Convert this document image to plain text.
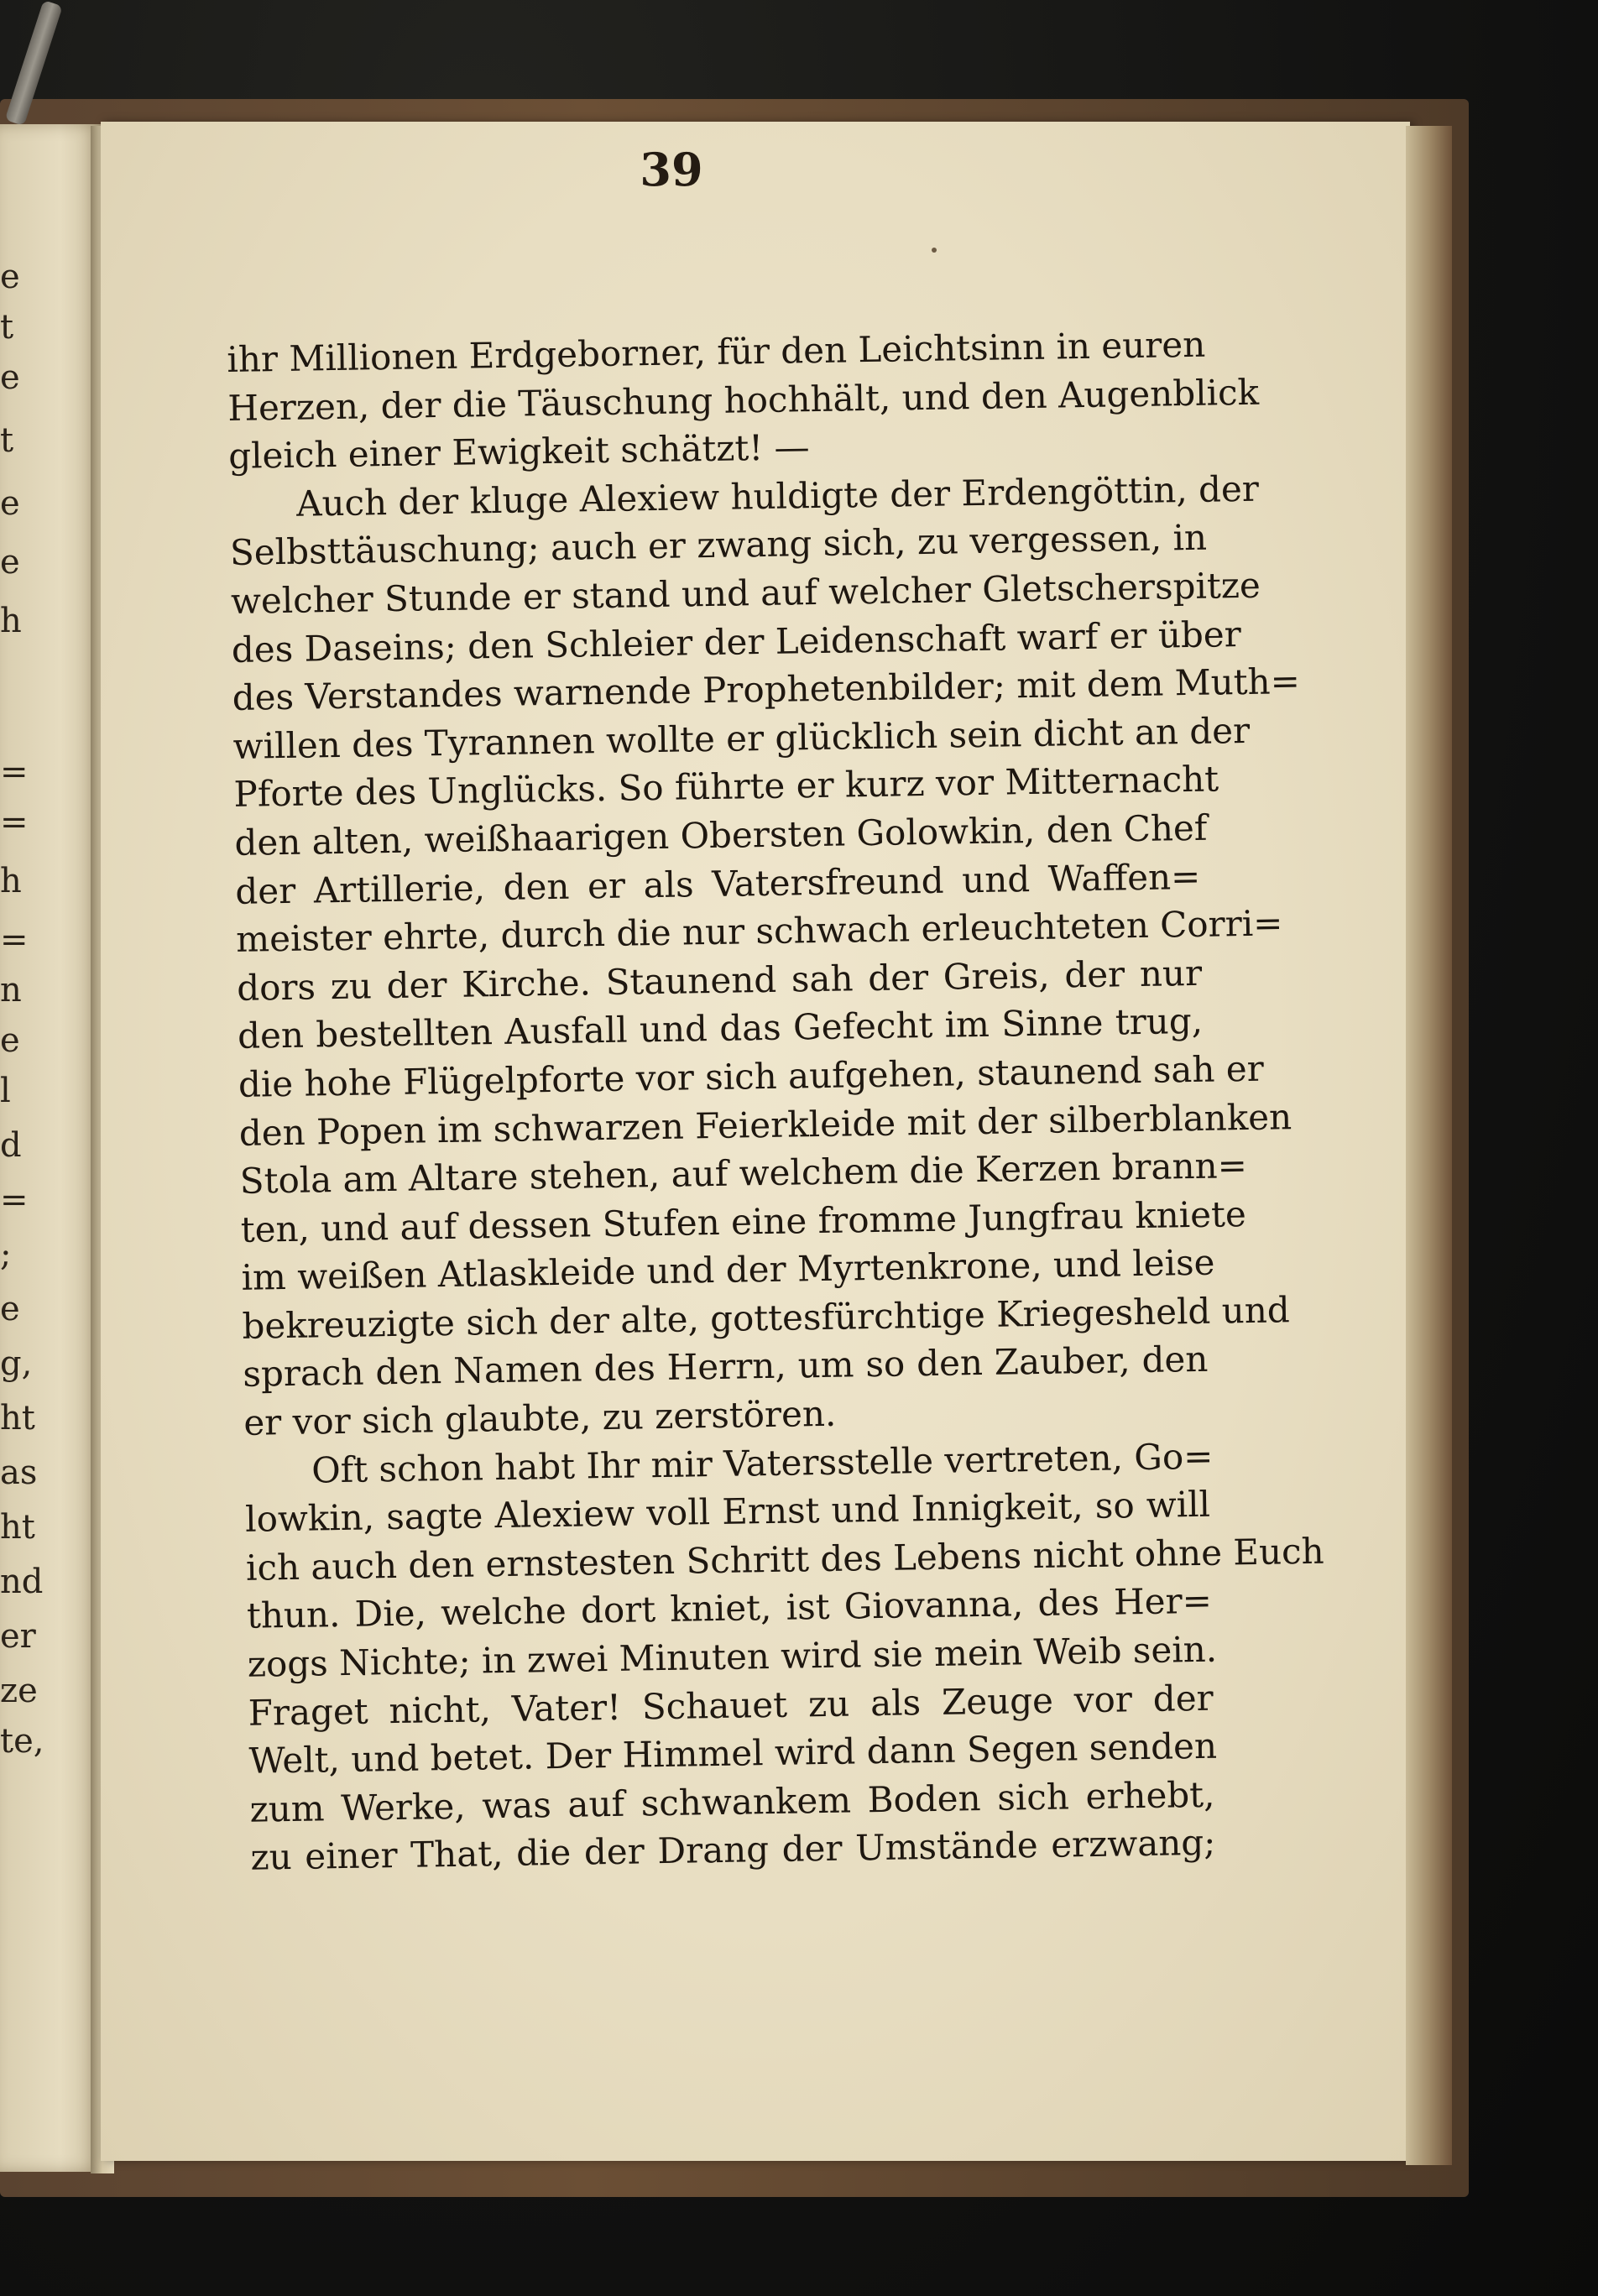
e
t
e
t
e
e
h
=
=
h
=
n
e
l
d
=
;
e
g,
ht
as
ht
nd
er
ze
te,
39
ihr Millionen Erdgeborner, für den Leichtsinn in euren
Herzen, der die Täuschung hochhält, und den Augenblick
gleich einer Ewigkeit schätzt! —
Auch der kluge Alexiew huldigte der Erdengöttin, der
Selbsttäuschung; auch er zwang sich, zu vergessen, in
welcher Stunde er stand und auf welcher Gletscherspitze
des Daseins; den Schleier der Leidenschaft warf er über
des Verstandes warnende Prophetenbilder; mit dem Muth=
willen des Tyrannen wollte er glücklich sein dicht an der
Pforte des Unglücks. So führte er kurz vor Mitternacht
den alten, weißhaarigen Obersten Golowkin, den Chef
der Artillerie, den er als Vatersfreund und Waffen=
meister ehrte, durch die nur schwach erleuchteten Corri=
dors zu der Kirche. Staunend sah der Greis, der nur
den bestellten Ausfall und das Gefecht im Sinne trug,
die hohe Flügelpforte vor sich aufgehen, staunend sah er
den Popen im schwarzen Feierkleide mit der silberblanken
Stola am Altare stehen, auf welchem die Kerzen brann=
ten, und auf dessen Stufen eine fromme Jungfrau kniete
im weißen Atlaskleide und der Myrtenkrone, und leise
bekreuzigte sich der alte, gottesfürchtige Kriegesheld und
sprach den Namen des Herrn, um so den Zauber, den
er vor sich glaubte, zu zerstören.
Oft schon habt Ihr mir Vatersstelle vertreten, Go=
lowkin, sagte Alexiew voll Ernst und Innigkeit, so will
ich auch den ernstesten Schritt des Lebens nicht ohne Euch
thun. Die, welche dort kniet, ist Giovanna, des Her=
zogs Nichte; in zwei Minuten wird sie mein Weib sein.
Fraget nicht, Vater! Schauet zu als Zeuge vor der
Welt, und betet. Der Himmel wird dann Segen senden
zum Werke, was auf schwankem Boden sich erhebt,
zu einer That, die der Drang der Umstände erzwang;
